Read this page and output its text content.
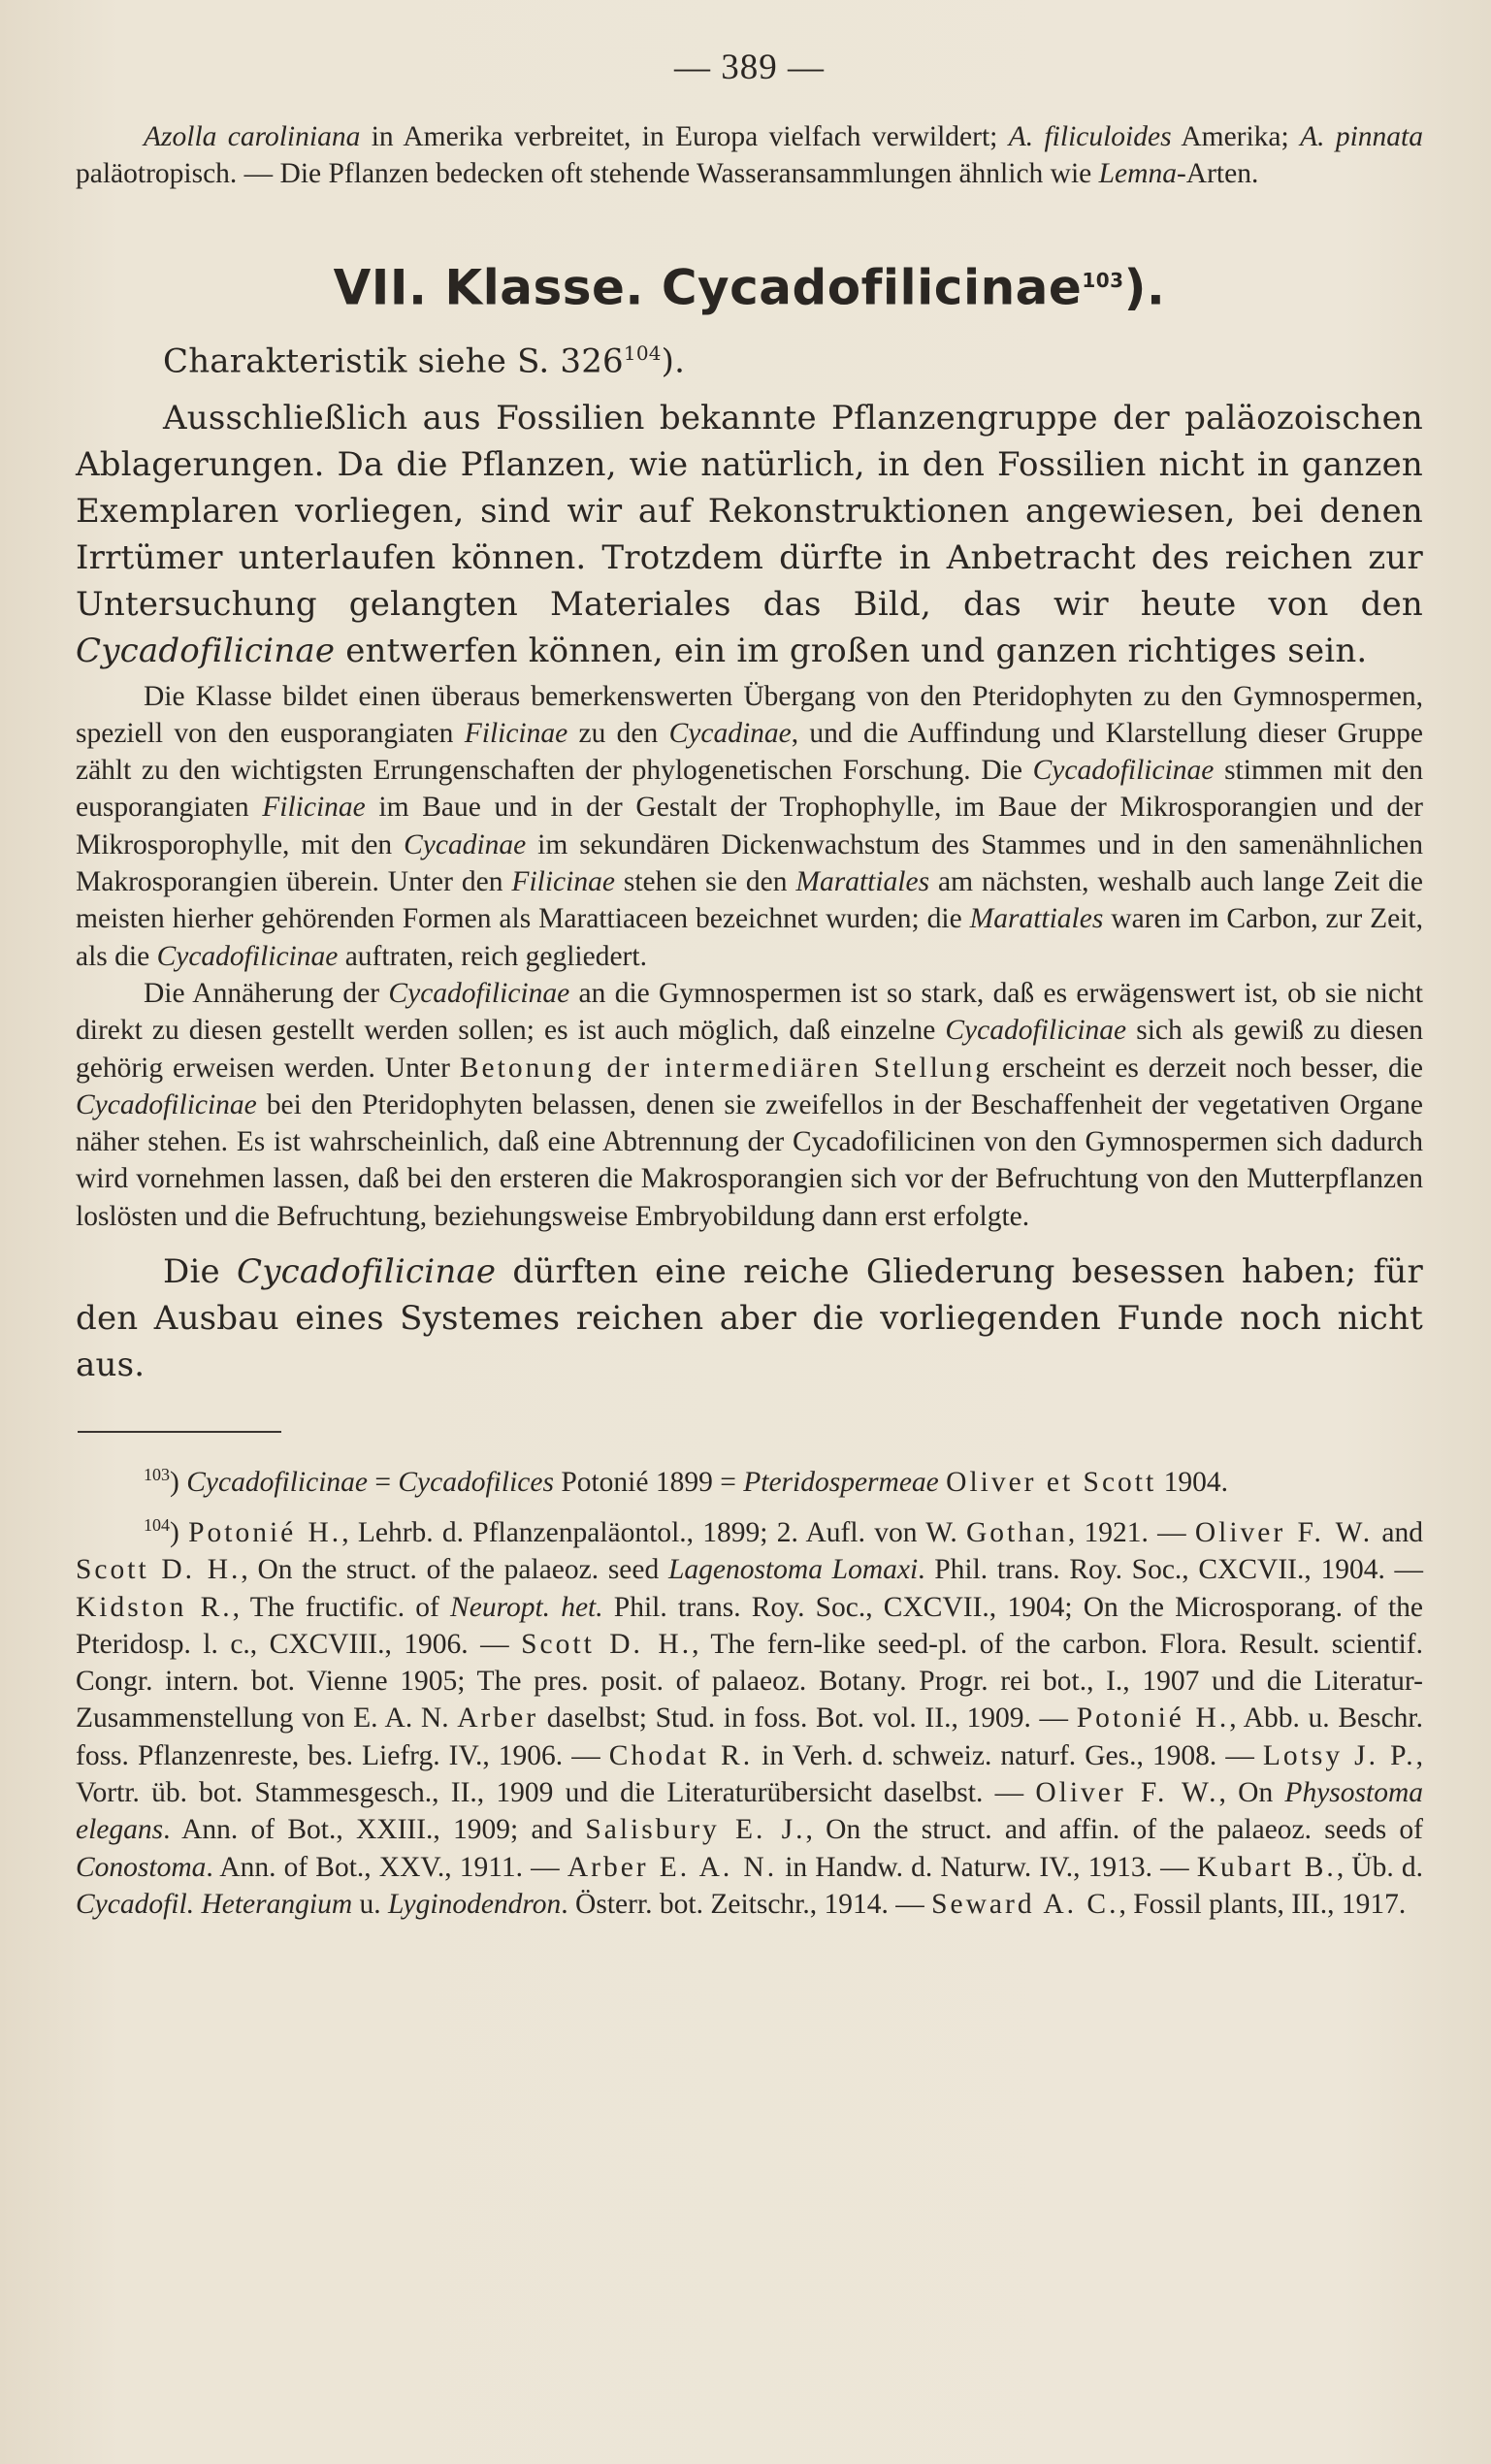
— 389 —

Azolla caroliniana in Amerika verbreitet, in Europa vielfach verwildert; A. filiculoides Amerika; A. pinnata paläotropisch. — Die Pflanzen bedecken oft stehende Wasseransammlungen ähnlich wie Lemna-Arten.

VII. Klasse. Cycadofilicinae$^{103}$).

Charakteristik siehe S. $326^{104}$).

Ausschließlich aus Fossilien bekannte Pflanzengruppe der paläozoischen Ablagerungen. Da die Pflanzen, wie natürlich, in den Fossilien nicht in ganzen Exemplaren vorliegen, sind wir auf Rekonstruktionen angewiesen, bei denen Irrtümer unterlaufen können. Trotzdem dürfte in Anbetracht des reichen zur Untersuchung gelangten Materiales das Bild, das wir heute von den Cycadofilicinae entwerfen können, ein im großen und ganzen richtiges sein.

Die Klasse bildet einen überaus bemerkenswerten Übergang von den Pteridophyten zu den Gymnospermen, speziell von den eusporangiaten Filicinae zu den Cycadinae, und die Auffindung und Klarstellung dieser Gruppe zählt zu den wichtigsten Errungenschaften der phylogenetischen Forschung. Die Cycadofilicinae stimmen mit den eusporangiaten Filicinae im Baue und in der Gestalt der Trophophylle, im Baue der Mikrosporangien und der Mikrosporophylle, mit den Cycadinae im sekundären Dickenwachstum des Stammes und in den samenähnlichen Makrosporangien überein. Unter den Filicinae stehen sie den Marattiales am nächsten, weshalb auch lange Zeit die meisten hierher gehörenden Formen als Marattiaceen bezeichnet wurden; die Marattiales waren im Carbon, zur Zeit, als die Cycadofilicinae auftraten, reich gegliedert.

Die Annäherung der Cycadofilicinae an die Gymnospermen ist so stark, daß es erwägenswert ist, ob sie nicht direkt zu diesen gestellt werden sollen; es ist auch möglich, daß einzelne Cycadofilicinae sich als gewiß zu diesen gehörig erweisen werden. Unter Betonung der intermediären Stellung erscheint es derzeit noch besser, die Cycadofilicinae bei den Pteridophyten belassen, denen sie zweifellos in der Beschaffenheit der vegetativen Organe näher stehen. Es ist wahrscheinlich, daß eine Abtrennung der Cycadofilicinen von den Gymnospermen sich dadurch wird vornehmen lassen, daß bei den ersteren die Makrosporangien sich vor der Befruchtung von den Mutterpflanzen loslösten und die Befruchtung, beziehungsweise Embryobildung dann erst erfolgte.

Die Cycadofilicinae dürften eine reiche Gliederung besessen haben; für den Ausbau eines Systemes reichen aber die vorliegenden Funde noch nicht aus.

$^{103}$) Cycadofilicinae = Cycadofilices Potonié 1899 = Pteridospermeae Oliver et Scott 1904.

$^{104}$) Potonié H., Lehrb. d. Pflanzenpaläontol., 1899; 2. Aufl. von W. Gothan, 1921. — Oliver F. W. and Scott D. H., On the struct. of the palaeoz. seed Lagenostoma Lomaxi. Phil. trans. Roy. Soc., CXCVII., 1904. — Kidston R., The fructific. of Neuropt. het. Phil. trans. Roy. Soc., CXCVII., 1904; On the Microsporang. of the Pteridosp. l. c., CXCVIII., 1906. — Scott D. H., The fern-like seed-pl. of the carbon. Flora. Result. scientif. Congr. intern. bot. Vienne 1905; The pres. posit. of palaeoz. Botany. Progr. rei bot., I., 1907 und die Literatur-Zusammenstellung von E. A. N. Arber daselbst; Stud. in foss. Bot. vol. II., 1909. — Potonié H., Abb. u. Beschr. foss. Pflanzenreste, bes. Liefrg. IV., 1906. — Chodat R. in Verh. d. schweiz. naturf. Ges., 1908. — Lotsy J. P., Vortr. üb. bot. Stammesgesch., II., 1909 und die Literaturübersicht daselbst. — Oliver F. W., On Physostoma elegans. Ann. of Bot., XXIII., 1909; and Salisbury E. J., On the struct. and affin. of the palaeoz. seeds of Conostoma. Ann. of Bot., XXV., 1911. — Arber E. A. N. in Handw. d. Naturw. IV., 1913. — Kubart B., Üb. d. Cycadofil. Heterangium u. Lyginodendron. Österr. bot. Zeitschr., 1914. — Seward A. C., Fossil plants, III., 1917.
